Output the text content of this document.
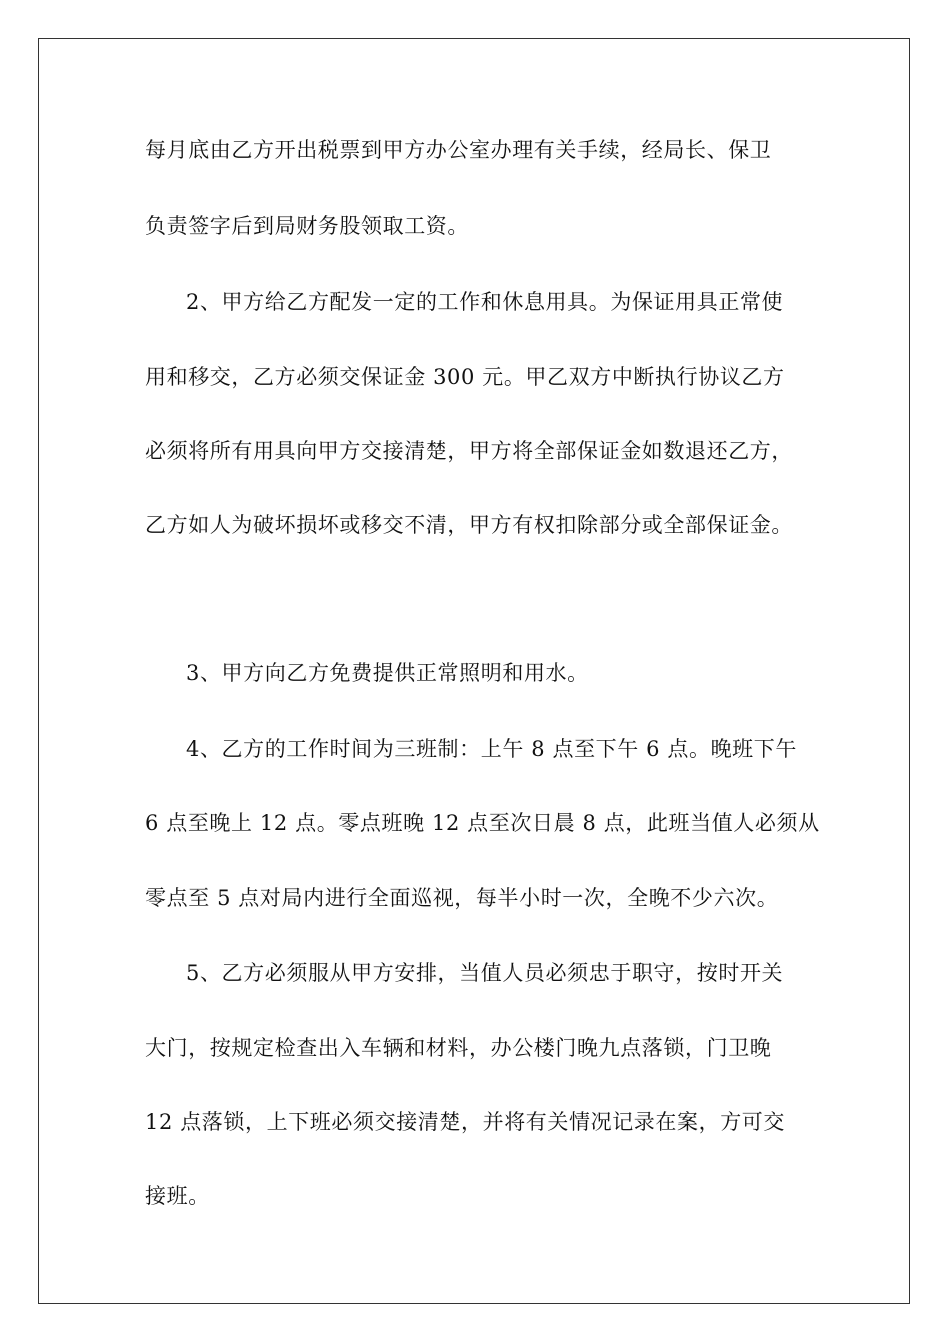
每月底由乙方开出税票到甲方办公室办理有关手续，经局长、保卫
负责签字后到局财务股领取工资。
2、甲方给乙方配发一定的工作和休息用具。为保证用具正常使
用和移交，乙方必须交保证金 300 元。甲乙双方中断执行协议乙方
必须将所有用具向甲方交接清楚，甲方将全部保证金如数退还乙方，
乙方如人为破坏损坏或移交不清，甲方有权扣除部分或全部保证金。
3、甲方向乙方免费提供正常照明和用水。
4、乙方的工作时间为三班制：上午 8 点至下午 6 点。晚班下午
6 点至晚上 12 点。零点班晚 12 点至次日晨 8 点，此班当值人必须从
零点至 5 点对局内进行全面巡视，每半小时一次，全晚不少六次。
5、乙方必须服从甲方安排，当值人员必须忠于职守，按时开关
大门，按规定检查出入车辆和材料，办公楼门晚九点落锁，门卫晚
12 点落锁，上下班必须交接清楚，并将有关情况记录在案，方可交
接班。
